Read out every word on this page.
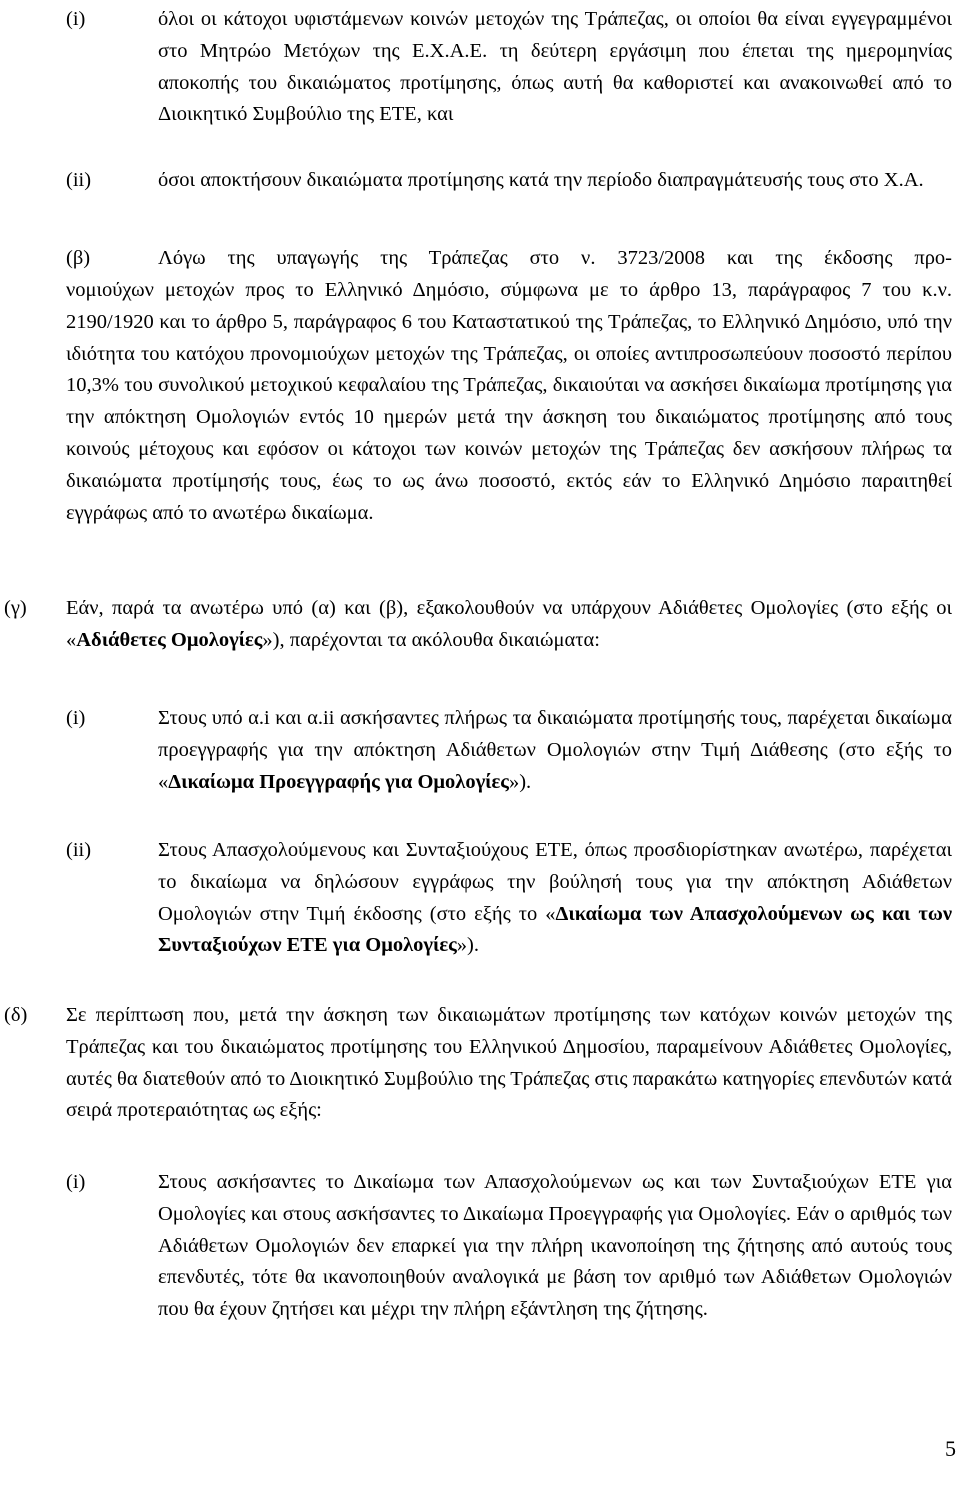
(i)	όλοι οι κάτοχοι υφιστάμενων κοινών μετοχών της Τράπεζας, οι οποίοι θα είναι εγγεγραμμένοι στο Μητρώο Μετόχων της Ε.Χ.Α.Ε. τη δεύτερη εργάσιμη που έπεται της ημερομηνίας αποκοπής του δικαιώματος προτίμησης, όπως αυτή θα καθοριστεί και ανακοινωθεί από το Διοικητικό Συμβούλιο της ΕΤΕ, και
(ii)	όσοι αποκτήσουν δικαιώματα προτίμησης κατά την περίοδο διαπραγμάτευσής τους στο Χ.Α.
(β)	Λόγω της υπαγωγής της Τράπεζας στο ν. 3723/2008 και της έκδοσης προ-
νομιούχων μετοχών προς το Ελληνικό Δημόσιο, σύμφωνα με το άρθρο 13, παράγραφος 7 του κ.ν. 2190/1920 και το άρθρο 5, παράγραφος 6 του Καταστατικού της Τράπεζας, το Ελληνικό Δημόσιο, υπό την ιδιότητα του κατόχου προνομιούχων μετοχών της Τράπεζας, οι οποίες αντιπροσωπεύουν ποσοστό περίπου 10,3% του συνολικού μετοχικού κεφαλαίου της Τράπεζας, δικαιούται να ασκήσει δικαίωμα προτίμησης για την απόκτηση Ομολογιών εντός 10 ημερών μετά την άσκηση του δικαιώματος προτίμησης από τους κοινούς μέτοχους και εφόσον οι κάτοχοι των κοινών μετοχών της Τράπεζας δεν ασκήσουν πλήρως τα δικαιώματα προτίμησής τους, έως το ως άνω ποσοστό, εκτός εάν το Ελληνικό Δημόσιο παραιτηθεί εγγράφως από το ανωτέρω δικαίωμα.
(γ) Εάν, παρά τα ανωτέρω υπό (α) και (β), εξακολουθούν να υπάρχουν Αδιάθετες Ομολογίες (στο εξής οι «Αδιάθετες Ομολογίες»), παρέχονται τα ακόλουθα δικαιώματα:
(i)	Στους υπό α.i και α.ii ασκήσαντες πλήρως τα δικαιώματα προτίμησής τους, παρέχεται δικαίωμα προεγγραφής για την απόκτηση Αδιάθετων Ομολογιών στην Τιμή Διάθεσης (στο εξής το «Δικαίωμα Προεγγραφής για Ομολογίες»).
(ii)	Στους Απασχολούμενους και Συνταξιούχους ΕΤΕ, όπως προσδιορίστηκαν ανωτέρω, παρέχεται το δικαίωμα να δηλώσουν εγγράφως την βούλησή τους για την απόκτηση Αδιάθετων Ομολογιών στην Τιμή έκδοσης (στο εξής το «Δικαίωμα των Απασχολούμενων ως και των Συνταξιούχων ΕΤΕ για Ομολογίες»).
(δ) Σε περίπτωση που, μετά την άσκηση των δικαιωμάτων προτίμησης των κατόχων κοινών μετοχών της Τράπεζας και του δικαιώματος προτίμησης του Ελληνικού Δημοσίου, παραμείνουν Αδιάθετες Ομολογίες, αυτές θα διατεθούν από το Διοικητικό Συμβούλιο της Τράπεζας στις παρακάτω κατηγορίες επενδυτών κατά σειρά προτεραιότητας ως εξής:
(i)	Στους ασκήσαντες το Δικαίωμα των Απασχολούμενων ως και των Συνταξιούχων ΕΤΕ για Ομολογίες και στους ασκήσαντες το Δικαίωμα Προεγγραφής για Ομολογίες. Εάν ο αριθμός των Αδιάθετων Ομολογιών δεν επαρκεί για την πλήρη ικανοποίηση της ζήτησης από αυτούς τους επενδυτές, τότε θα ικανοποιηθούν αναλογικά με βάση τον αριθμό των Αδιάθετων Ομολογιών που θα έχουν ζητήσει και μέχρι την πλήρη εξάντληση της ζήτησης.
5
